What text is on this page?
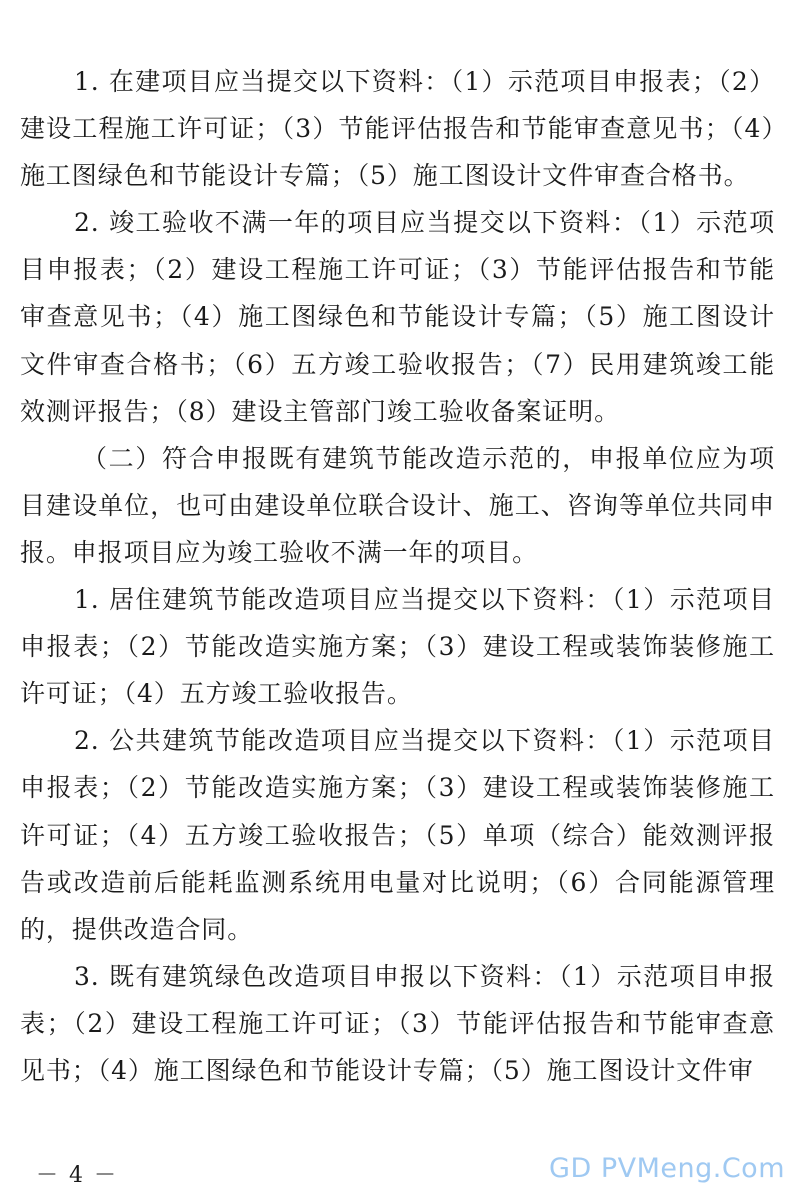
1. 在建项目应当提交以下资料：（1）示范项目申报表；（2）建设工程施工许可证；（3）节能评估报告和节能审查意见书；（4）施工图绿色和节能设计专篇；（5）施工图设计文件审查合格书。

2. 竣工验收不满一年的项目应当提交以下资料：（1）示范项目申报表；（2）建设工程施工许可证；（3）节能评估报告和节能审查意见书；（4）施工图绿色和节能设计专篇；（5）施工图设计文件审查合格书；（6）五方竣工验收报告；（7）民用建筑竣工能效测评报告；（8）建设主管部门竣工验收备案证明。

（二）符合申报既有建筑节能改造示范的，申报单位应为项目建设单位，也可由建设单位联合设计、施工、咨询等单位共同申报。申报项目应为竣工验收不满一年的项目。

1. 居住建筑节能改造项目应当提交以下资料：（1）示范项目申报表；（2）节能改造实施方案；（3）建设工程或装饰装修施工许可证；（4）五方竣工验收报告。

2. 公共建筑节能改造项目应当提交以下资料：（1）示范项目申报表；（2）节能改造实施方案；（3）建设工程或装饰装修施工许可证；（4）五方竣工验收报告；（5）单项（综合）能效测评报告或改造前后能耗监测系统用电量对比说明；（6）合同能源管理的，提供改造合同。

3. 既有建筑绿色改造项目申报以下资料：（1）示范项目申报表；（2）建设工程施工许可证；（3）节能评估报告和节能审查意见书；（4）施工图绿色和节能设计专篇；（5）施工图设计文件审

－ 4 －	GD PVMeng.Com
